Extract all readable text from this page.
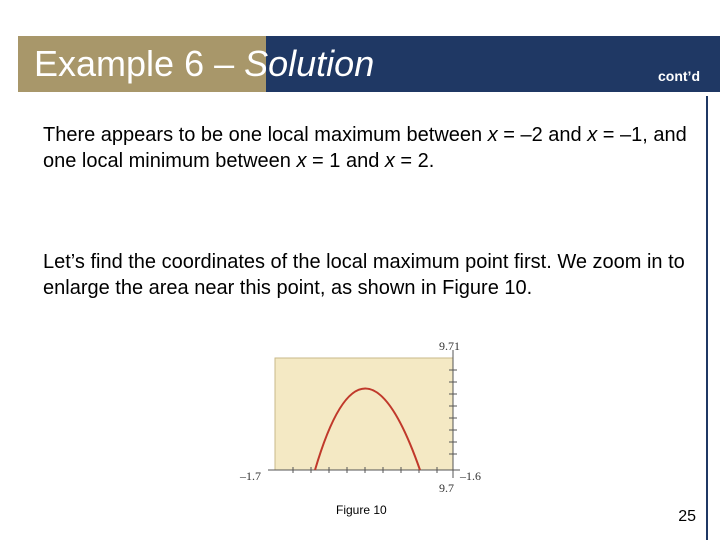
Example 6 – Solution	cont’d

There appears to be one local maximum between x = –2 and x = –1, and one local minimum between x = 1 and x = 2.

Let’s find the coordinates of the local maximum point first. We zoom in to enlarge the area near this point, as shown in Figure 10.

9.71
9.7
–1.7	–1.6
Figure 10	25
